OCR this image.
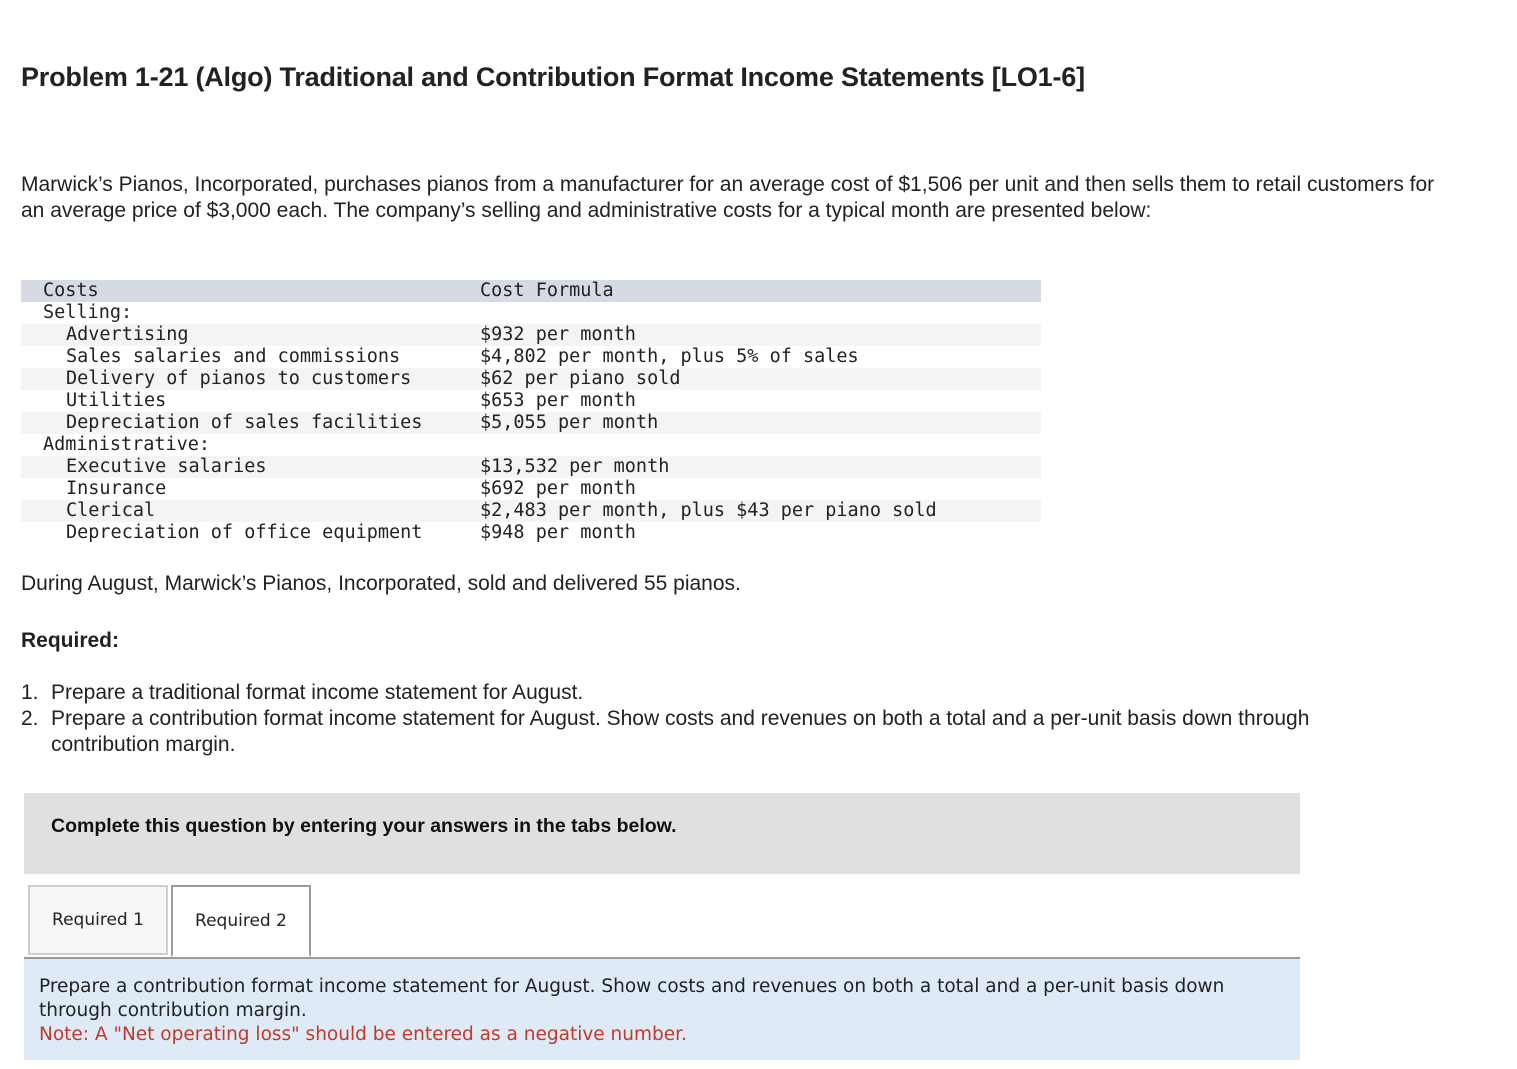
Problem 1-21 (Algo) Traditional and Contribution Format Income Statements [LO1-6]

Marwick’s Pianos, Incorporated, purchases pianos from a manufacturer for an average cost of $1,506 per unit and then sells them to retail customers for an average price of $3,000 each. The company’s selling and administrative costs for a typical month are presented below:

Costs	Cost Formula
Selling:
Advertising	$932 per month
Sales salaries and commissions	$4,802 per month, plus 5% of sales
Delivery of pianos to customers	$62 per piano sold
Utilities	$653 per month
Depreciation of sales facilities	$5,055 per month
Administrative:
Executive salaries	$13,532 per month
Insurance	$692 per month
Clerical	$2,483 per month, plus $43 per piano sold
Depreciation of office equipment	$948 per month

During August, Marwick’s Pianos, Incorporated, sold and delivered 55 pianos.

Required:

1. Prepare a traditional format income statement for August.
2. Prepare a contribution format income statement for August. Show costs and revenues on both a total and a per-unit basis down through contribution margin.
Complete this question by entering your answers in the tabs below.
Required 1	Required 2
Prepare a contribution format income statement for August. Show costs and revenues on both a total and a per-unit basis down through contribution margin.
Note: A "Net operating loss" should be entered as a negative number.
